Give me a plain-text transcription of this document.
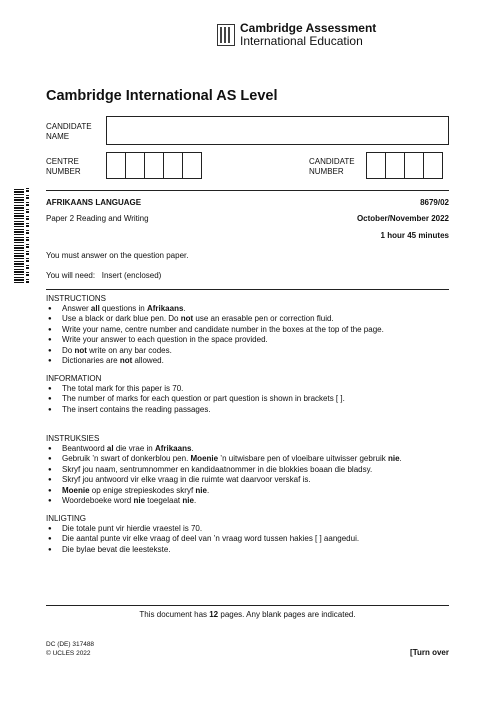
Cambridge Assessment
International Education
Cambridge International AS Level
CANDIDATE
NAME
CENTRE
NUMBER
CANDIDATE
NUMBER
AFRIKAANS LANGUAGE	8679/02
Paper 2 Reading and Writing	October/November 2022
1 hour 45 minutes
You must answer on the question paper.
You will need: Insert (enclosed)
INSTRUCTIONS
● Answer all questions in Afrikaans.
● Use a black or dark blue pen. Do not use an erasable pen or correction fluid.
● Write your name, centre number and candidate number in the boxes at the top of the page.
● Write your answer to each question in the space provided.
● Do not write on any bar codes.
● Dictionaries are not allowed.
INFORMATION
● The total mark for this paper is 70.
● The number of marks for each question or part question is shown in brackets [ ].
● The insert contains the reading passages.
INSTRUKSIES
● Beantwoord al die vrae in Afrikaans.
● Gebruik ’n swart of donkerblou pen. Moenie ’n uitwisbare pen of vloeibare uitwisser gebruik nie.
● Skryf jou naam, sentrumnommer en kandidaatnommer in die blokkies boaan die bladsy.
● Skryf jou antwoord vir elke vraag in die ruimte wat daarvoor verskaf is.
● Moenie op enige strepieskodes skryf nie.
● Woordeboeke word nie toegelaat nie.
INLIGTING
● Die totale punt vir hierdie vraestel is 70.
● Die aantal punte vir elke vraag of deel van ’n vraag word tussen hakies [ ] aangedui.
● Die bylae bevat die leestekste.
This document has 12 pages. Any blank pages are indicated.
DC (DE) 317488
© UCLES 2022	[Turn over
